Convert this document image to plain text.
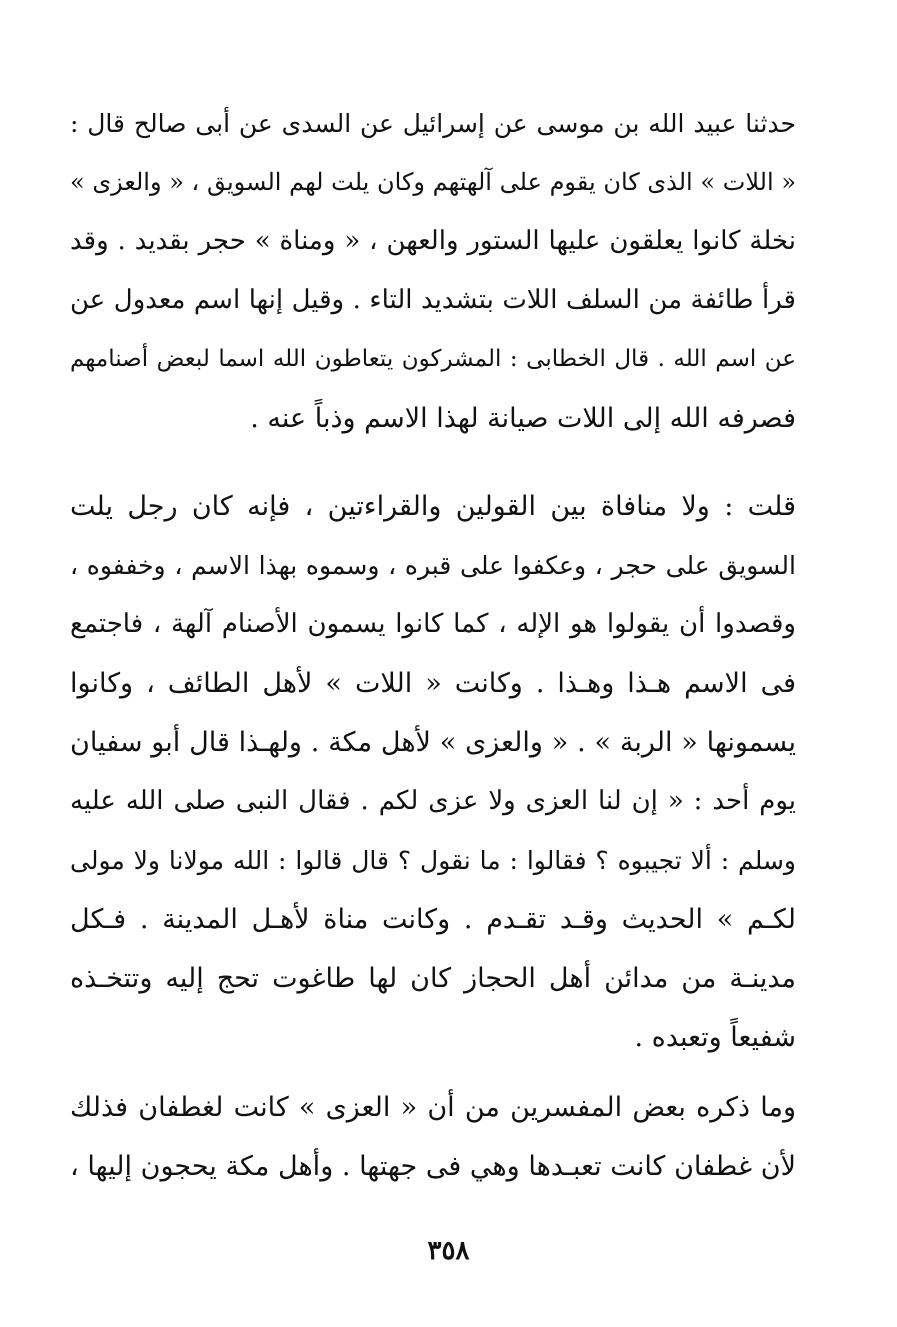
حدثنا عبيد الله بن موسى عن إسرائيل عن السدى عن أبى صالح قال :
« اللات » الذى كان يقوم على آلهتهم وكان يلت لهم السويق ، « والعزى »
نخلة كانوا يعلقون عليها الستور والعهن ، « ومناة » حجر بقديد . وقد
قرأ طائفة من السلف اللات بتشديد التاء . وقيل إنها اسم معدول عن
عن اسم الله . قال الخطابى : المشركون يتعاطون الله اسما لبعض أصنامهم
فصرفه الله إلى اللات صيانة لهذا الاسم وذباً عنه .
قلت : ولا منافاة بين القولين والقراءتين ، فإنه كان رجل يلت
السويق على حجر ، وعكفوا على قبره ، وسموه بهذا الاسم ، وخففوه ،
وقصدوا أن يقولوا هو الإله ، كما كانوا يسمون الأصنام آلهة ، فاجتمع
فى الاسم هـذا وهـذا . وكانت « اللات » لأهل الطائف ، وكانوا
يسمونها « الربة » . « والعزى » لأهل مكة . ولهـذا قال أبو سفيان
يوم أحد : « إن لنا العزى ولا عزى لكم . فقال النبى صلى الله عليه
وسلم : ألا تجيبوه ؟ فقالوا : ما نقول ؟ قال قالوا : الله مولانا ولا مولى
لكـم » الحديث وقـد تقـدم . وكانت مناة لأهـل المدينة . فـكل
مدينـة من مدائن أهل الحجاز كان لها طاغوت تحج إليه وتتخـذه
شفيعاً وتعبده .
وما ذكره بعض المفسرين من أن « العزى » كانت لغطفان فذلك
لأن غطفان كانت تعبـدها وهي فى جهتها . وأهل مكة يحجون إليها ،
٣٥٨
